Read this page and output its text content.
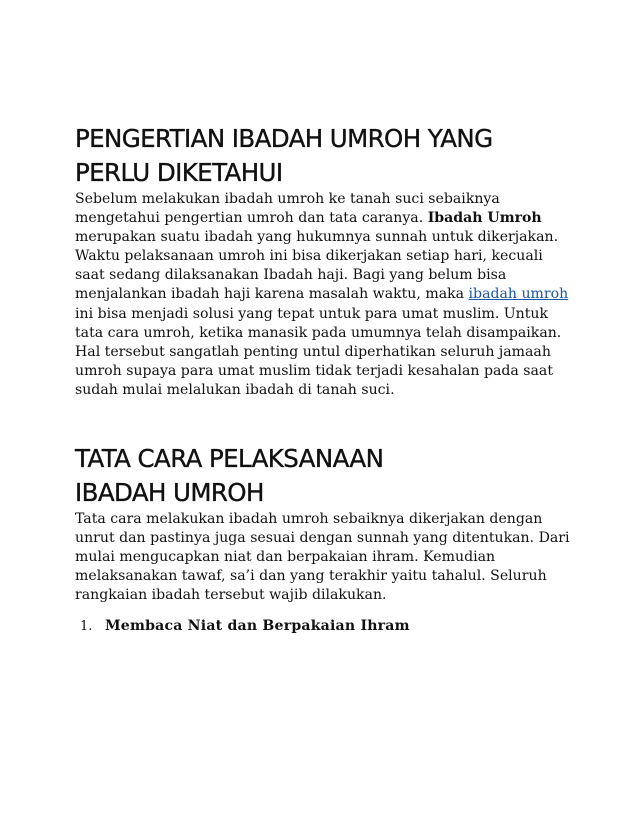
PENGERTIAN IBADAH UMROH YANG
PERLU DIKETAHUI

Sebelum melakukan ibadah umroh ke tanah suci sebaiknya mengetahui pengertian umroh dan tata caranya. Ibadah Umroh merupakan suatu ibadah yang hukumnya sunnah untuk dikerjakan. Waktu pelaksanaan umroh ini bisa dikerjakan setiap hari, kecuali saat sedang dilaksanakan Ibadah haji. Bagi yang belum bisa menjalankan ibadah haji karena masalah waktu, maka ibadah umroh ini bisa menjadi solusi yang tepat untuk para umat muslim. Untuk tata cara umroh, ketika manasik pada umumnya telah disampaikan. Hal tersebut sangatlah penting untul diperhatikan seluruh jamaah umroh supaya para umat muslim tidak terjadi kesahalan pada saat sudah mulai melalukan ibadah di tanah suci.

TATA CARA PELAKSANAAN
IBADAH UMROH

Tata cara melakukan ibadah umroh sebaiknya dikerjakan dengan unrut dan pastinya juga sesuai dengan sunnah yang ditentukan. Dari mulai mengucapkan niat dan berpakaian ihram. Kemudian melaksanakan tawaf, sa’i dan yang terakhir yaitu tahalul. Seluruh rangkaian ibadah tersebut wajib dilakukan.

1. Membaca Niat dan Berpakaian Ihram
